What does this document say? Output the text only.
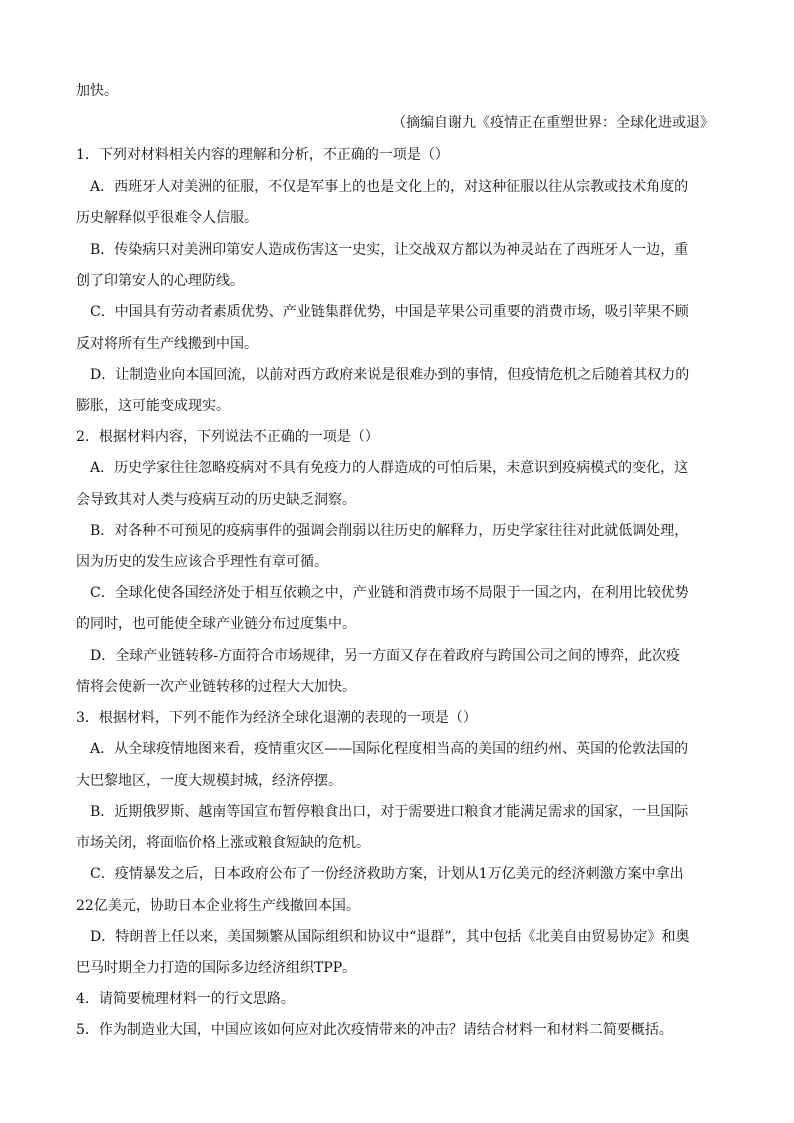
加快。
（摘编自谢九《疫情正在重塑世界：全球化进或退》
1．下列对材料相关内容的理解和分析，不正确的一项是（）
A．西班牙人对美洲的征服，不仅是军事上的也是文化上的，对这种征服以往从宗教或技术角度的
历史解释似乎很难令人信服。
B．传染病只对美洲印第安人造成伤害这一史实，让交战双方都以为神灵站在了西班牙人一边，重
创了印第安人的心理防线。
C．中国具有劳动者素质优势、产业链集群优势，中国是苹果公司重要的消费市场，吸引苹果不顾
反对将所有生产线搬到中国。
D．让制造业向本国回流，以前对西方政府来说是很难办到的事情，但疫情危机之后随着其权力的
膨胀，这可能变成现实。
2．根据材料内容，下列说法不正确的一项是（）
A．历史学家往往忽略疫病对不具有免疫力的人群造成的可怕后果，未意识到疫病模式的变化，这
会导致其对人类与疫病互动的历史缺乏洞察。
B．对各种不可预见的疫病事件的强调会削弱以往历史的解释力，历史学家往往对此就低调处理，
因为历史的发生应该合乎理性有章可循。
C．全球化使各国经济处于相互依赖之中，产业链和消费市场不局限于一国之内，在利用比较优势
的同时，也可能使全球产业链分布过度集中。
D．全球产业链转移-方面符合市场规律，另一方面又存在着政府与跨国公司之间的博弈，此次疫
情将会使新一次产业链转移的过程大大加快。
3．根据材料，下列不能作为经济全球化退潮的表现的一项是（）
A．从全球疫情地图来看，疫情重灾区——国际化程度相当高的美国的纽约州、英国的伦敦法国的
大巴黎地区，一度大规模封城，经济停摆。
B．近期俄罗斯、越南等国宣布暂停粮食出口，对于需要进口粮食才能满足需求的国家，一旦国际
市场关闭，将面临价格上涨或粮食短缺的危机。
C．疫情暴发之后，日本政府公布了一份经济救助方案，计划从1万亿美元的经济刺激方案中拿出
22亿美元，协助日本企业将生产线撤回本国。
D．特朗普上任以来，美国频繁从国际组织和协议中“退群”，其中包括《北美自由贸易协定》和奥
巴马时期全力打造的国际多边经济组织TPP。
4．请简要梳理材料一的行文思路。
5．作为制造业大国，中国应该如何应对此次疫情带来的冲击？请结合材料一和材料二简要概括。
